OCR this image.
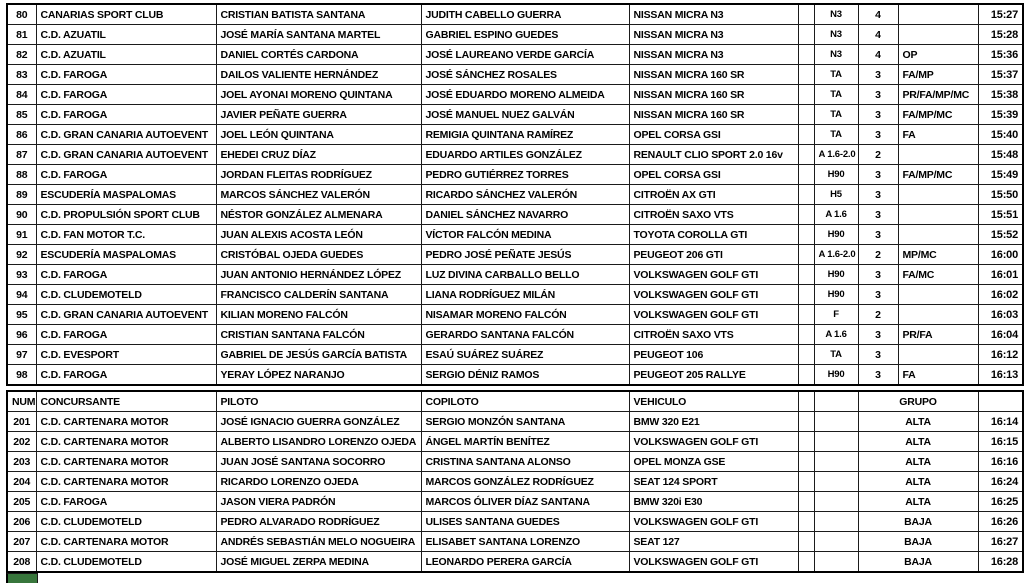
80	CANARIAS SPORT CLUB	CRISTIAN BATISTA SANTANA	JUDITH CABELLO GUERRA	NISSAN MICRA N3		N3	4		15:27
81	C.D. AZUATIL	JOSÉ MARÍA SANTANA MARTEL	GABRIEL ESPINO GUEDES	NISSAN MICRA N3		N3	4		15:28
82	C.D. AZUATIL	DANIEL CORTÉS CARDONA	JOSÉ LAUREANO VERDE GARCÍA	NISSAN MICRA N3		N3	4	OP	15:36
83	C.D. FAROGA	DAILOS VALIENTE HERNÁNDEZ	JOSÉ SÁNCHEZ ROSALES	NISSAN MICRA 160 SR		TA	3	FA/MP	15:37
84	C.D. FAROGA	JOEL AYONAI MORENO QUINTANA	JOSÉ EDUARDO MORENO ALMEIDA	NISSAN MICRA 160 SR		TA	3	PR/FA/MP/MC	15:38
85	C.D. FAROGA	JAVIER PEÑATE GUERRA	JOSÉ MANUEL NUEZ GALVÁN	NISSAN MICRA 160 SR		TA	3	FA/MP/MC	15:39
86	C.D. GRAN CANARIA AUTOEVENT	JOEL LEÓN QUINTANA	REMIGIA QUINTANA RAMÍREZ	OPEL CORSA GSI		TA	3	FA	15:40
87	C.D. GRAN CANARIA AUTOEVENT	EHEDEI CRUZ DÍAZ	EDUARDO ARTILES GONZÁLEZ	RENAULT CLIO SPORT 2.0 16v		A 1.6-2.0	2		15:48
88	C.D. FAROGA	JORDAN FLEITAS RODRÍGUEZ	PEDRO GUTIÉRREZ TORRES	OPEL CORSA GSI		H90	3	FA/MP/MC	15:49
89	ESCUDERÍA MASPALOMAS	MARCOS SÁNCHEZ VALERÓN	RICARDO SÁNCHEZ VALERÓN	CITROËN AX GTI		H5	3		15:50
90	C.D. PROPULSIÓN SPORT CLUB	NÉSTOR GONZÁLEZ ALMENARA	DANIEL SÁNCHEZ NAVARRO	CITROËN SAXO VTS		A 1.6	3		15:51
91	C.D. FAN MOTOR T.C.	JUAN ALEXIS ACOSTA LEÓN	VÍCTOR FALCÓN MEDINA	TOYOTA COROLLA GTI		H90	3		15:52
92	ESCUDERÍA MASPALOMAS	CRISTÓBAL OJEDA GUEDES	PEDRO JOSÉ PEÑATE JESÚS	PEUGEOT 206 GTI		A 1.6-2.0	2	MP/MC	16:00
93	C.D. FAROGA	JUAN ANTONIO HERNÁNDEZ LÓPEZ	LUZ DIVINA CARBALLO BELLO	VOLKSWAGEN GOLF GTI		H90	3	FA/MC	16:01
94	C.D. CLUDEMOTELD	FRANCISCO CALDERÍN SANTANA	LIANA RODRÍGUEZ MILÁN	VOLKSWAGEN GOLF GTI		H90	3		16:02
95	C.D. GRAN CANARIA AUTOEVENT	KILIAN MORENO FALCÓN	NISAMAR MORENO FALCÓN	VOLKSWAGEN GOLF GTI		F	2		16:03
96	C.D. FAROGA	CRISTIAN SANTANA FALCÓN	GERARDO SANTANA FALCÓN	CITROËN SAXO VTS		A 1.6	3	PR/FA	16:04
97	C.D. EVESPORT	GABRIEL DE JESÚS GARCÍA BATISTA	ESAÚ SUÁREZ SUÁREZ	PEUGEOT 106		TA	3		16:12
98	C.D. FAROGA	YERAY LÓPEZ NARANJO	SERGIO DÉNIZ RAMOS	PEUGEOT 205 RALLYE		H90	3	FA	16:13
NUM	CONCURSANTE	PILOTO	COPILOTO	VEHICULO			GRUPO	
201	C.D. CARTENARA MOTOR	JOSÉ IGNACIO GUERRA GONZÁLEZ	SERGIO MONZÓN SANTANA	BMW 320 E21			ALTA	16:14
202	C.D. CARTENARA MOTOR	ALBERTO LISANDRO LORENZO OJEDA	ÁNGEL MARTÍN BENÍTEZ	VOLKSWAGEN GOLF GTI			ALTA	16:15
203	C.D. CARTENARA MOTOR	JUAN JOSÉ SANTANA SOCORRO	CRISTINA SANTANA ALONSO	OPEL MONZA GSE			ALTA	16:16
204	C.D. CARTENARA MOTOR	RICARDO LORENZO OJEDA	MARCOS GONZÁLEZ RODRÍGUEZ	SEAT 124 SPORT			ALTA	16:24
205	C.D. FAROGA	JASON VIERA PADRÓN	MARCOS ÓLIVER DÍAZ SANTANA	BMW 320i E30			ALTA	16:25
206	C.D. CLUDEMOTELD	PEDRO ALVARADO RODRÍGUEZ	ULISES SANTANA GUEDES	VOLKSWAGEN GOLF GTI			BAJA	16:26
207	C.D. CARTENARA MOTOR	ANDRÉS SEBASTIÁN MELO NOGUEIRA	ELISABET SANTANA LORENZO	SEAT 127			BAJA	16:27
208	C.D. CLUDEMOTELD	JOSÉ MIGUEL ZERPA MEDINA	LEONARDO PERERA GARCÍA	VOLKSWAGEN GOLF GTI			BAJA	16:28
